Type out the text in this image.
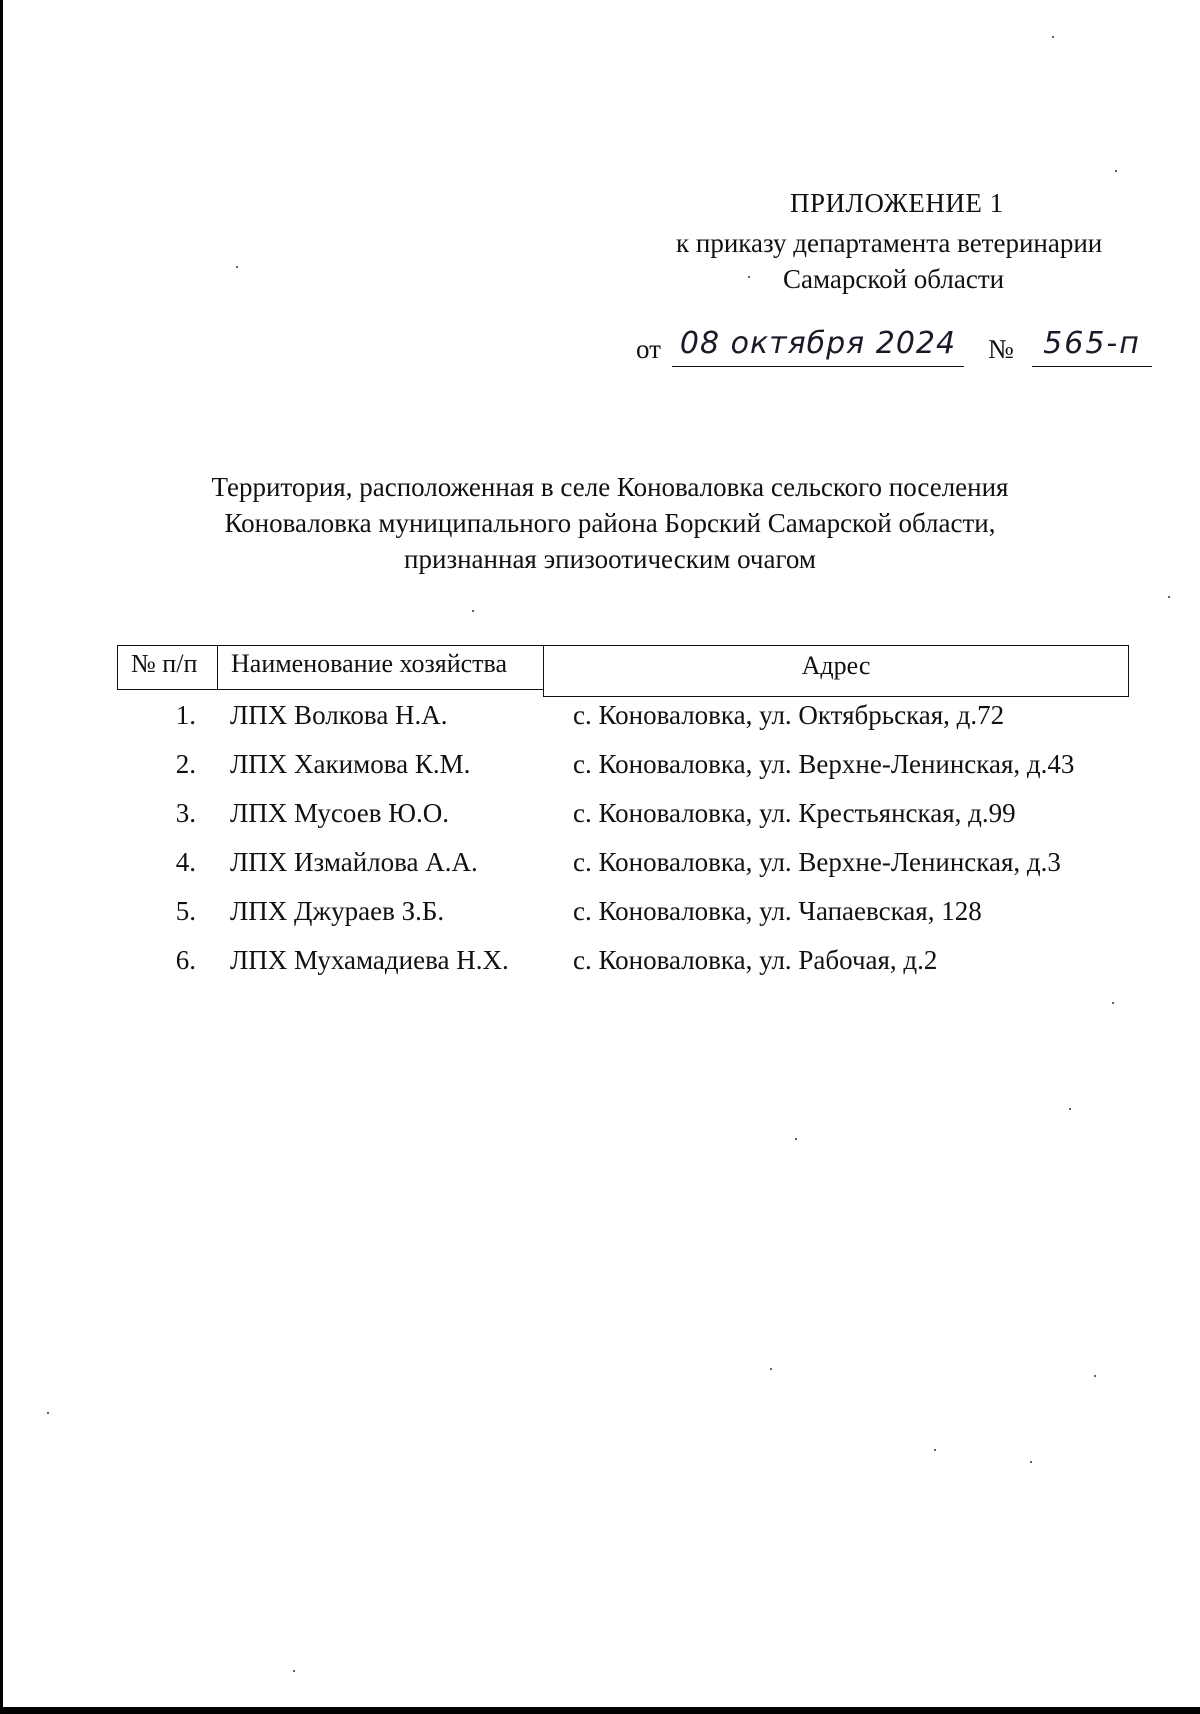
ПРИЛОЖЕНИЕ 1
к приказу департамента ветеринарии
Самарской области
от 08 октября 2024 № 565-п
Территория, расположенная в селе Коноваловка сельского поселения
Коноваловка муниципального района Борский Самарской области,
признанная эпизоотическим очагом
№ п/п	Наименование хозяйства	Адрес
1. ЛПХ Волкова Н.А.	с. Коноваловка, ул. Октябрьская, д.72
2. ЛПХ Хакимова К.М.	с. Коноваловка, ул. Верхне-Ленинская, д.43
3. ЛПХ Мусоев Ю.О.	с. Коноваловка, ул. Крестьянская, д.99
4. ЛПХ Измайлова А.А.	с. Коноваловка, ул. Верхне-Ленинская, д.3
5. ЛПХ Джураев З.Б.	с. Коноваловка, ул. Чапаевская, 128
6. ЛПХ Мухамадиева Н.Х. с. Коноваловка, ул. Рабочая, д.2
